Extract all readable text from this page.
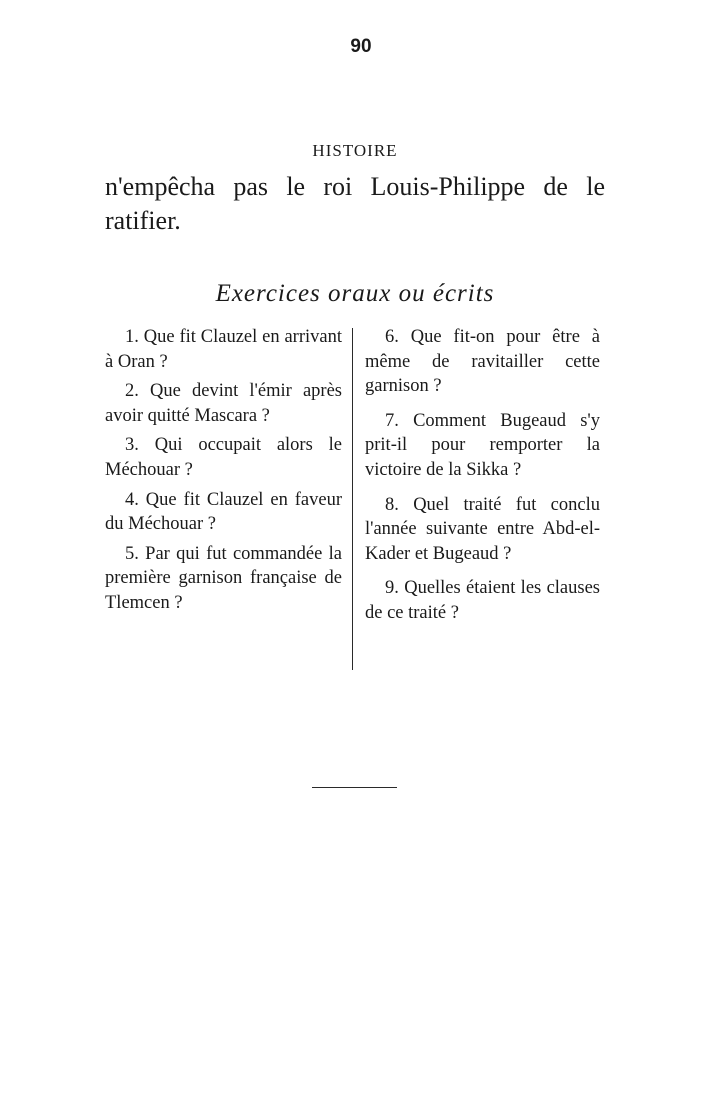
90
HISTOIRE

n'empêcha pas le roi Louis-Philippe de le ratifier.

Exercices oraux ou écrits

1. Que fit Clauzel en arrivant à Oran ?

2. Que devint l'émir après avoir quitté Mascara ?

3. Qui occupait alors le Méchouar ?

4. Que fit Clauzel en faveur du Méchouar ?

5. Par qui fut commandée la première garnison française de Tlemcen ?

6. Que fit-on pour être à même de ravitailler cette garnison ?

7. Comment Bugeaud s'y prit-il pour remporter la victoire de la Sikka ?

8. Quel traité fut conclu l'année suivante entre Abd-el-Kader et Bugeaud ?

9. Quelles étaient les clauses de ce traité ?
